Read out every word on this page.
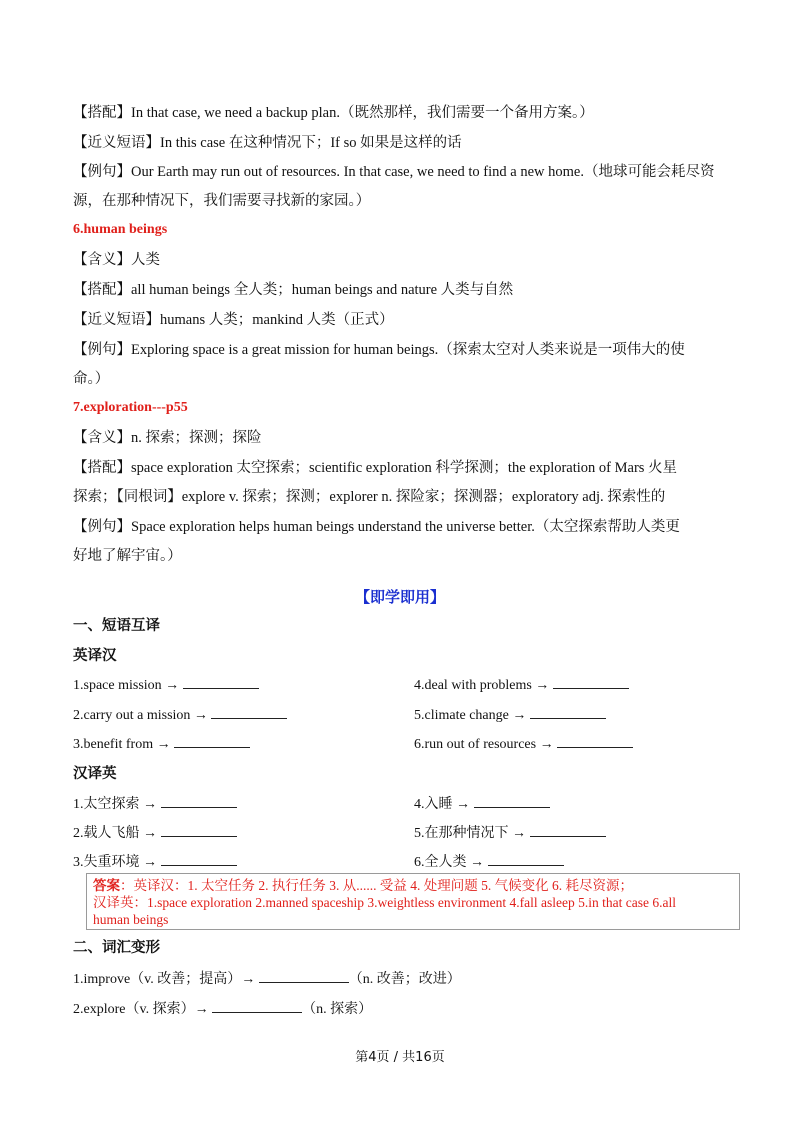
【搭配】In that case, we need a backup plan.（既然那样，我们需要一个备用方案。）
【近义短语】In this case 在这种情况下；If so 如果是这样的话
【例句】Our Earth may run out of resources. In that case, we need to find a new home.（地球可能会耗尽资
源，在那种情况下，我们需要寻找新的家园。）
6.human beings
【含义】人类
【搭配】all human beings 全人类；human beings and nature 人类与自然
【近义短语】humans 人类；mankind 人类（正式）
【例句】Exploring space is a great mission for human beings.（探索太空对人类来说是一项伟大的使
命。）
7.exploration---p55
【含义】n. 探索；探测；探险
【搭配】space exploration 太空探索；scientific exploration 科学探测；the exploration of Mars 火星
探索；【同根词】explore v. 探索；探测；explorer n. 探险家；探测器；exploratory adj. 探索性的
【例句】Space exploration helps human beings understand the universe better.（太空探索帮助人类更
好地了解宇宙。）
【即学即用】
一、短语互译
英译汉
1.space mission →
2.carry out a mission →
3.benefit from →
4.deal with problems →
5.climate change →
6.run out of resources →
汉译英
1.太空探索 →
2.载人飞船 →
3.失重环境 →
4.入睡 →
5.在那种情况下 →
6.全人类 →
答案：英译汉：1. 太空任务 2. 执行任务 3. 从...... 受益 4. 处理问题 5. 气候变化 6. 耗尽资源；
汉译英：1.space exploration 2.manned spaceship 3.weightless environment 4.fall asleep 5.in that case 6.all
human beings
二、词汇变形
1.improve（v. 改善；提高）→	（n. 改善；改进）
2.explore（v. 探索）→	（n. 探索）
第4页 / 共16页
